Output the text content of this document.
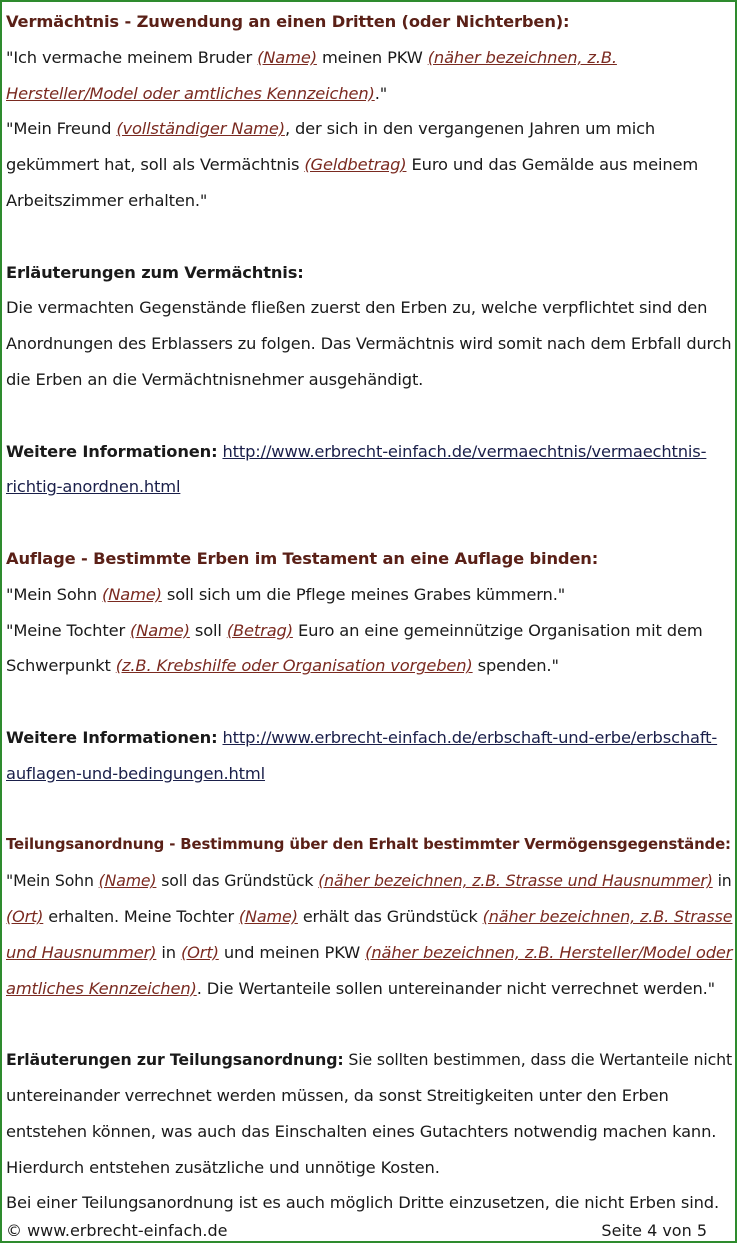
Vermächtnis - Zuwendung an einen Dritten (oder Nichterben):
"Ich vermache meinem Bruder (Name) meinen PKW (näher bezeichnen, z.B.
Hersteller/Model oder amtliches Kennzeichen)."
"Mein Freund (vollständiger Name), der sich in den vergangenen Jahren um mich
gekümmert hat, soll als Vermächtnis (Geldbetrag) Euro und das Gemälde aus meinem
Arbeitszimmer erhalten."
Erläuterungen zum Vermächtnis:
Die vermachten Gegenstände fließen zuerst den Erben zu, welche verpflichtet sind den
Anordnungen des Erblassers zu folgen. Das Vermächtnis wird somit nach dem Erbfall durch
die Erben an die Vermächtnisnehmer ausgehändigt.
Weitere Informationen: http://www.erbrecht-einfach.de/vermaechtnis/vermaechtnis-
richtig-anordnen.html
Auflage - Bestimmte Erben im Testament an eine Auflage binden:
"Mein Sohn (Name) soll sich um die Pflege meines Grabes kümmern."
"Meine Tochter (Name) soll (Betrag) Euro an eine gemeinnützige Organisation mit dem
Schwerpunkt (z.B. Krebshilfe oder Organisation vorgeben) spenden."
Weitere Informationen: http://www.erbrecht-einfach.de/erbschaft-und-erbe/erbschaft-
auflagen-und-bedingungen.html
Teilungsanordnung - Bestimmung über den Erhalt bestimmter Vermögensgegenstände:
"Mein Sohn (Name) soll das Gründstück (näher bezeichnen, z.B. Strasse und Hausnummer) in
(Ort) erhalten. Meine Tochter (Name) erhält das Gründstück (näher bezeichnen, z.B. Strasse
und Hausnummer) in (Ort) und meinen PKW (näher bezeichnen, z.B. Hersteller/Model oder
amtliches Kennzeichen). Die Wertanteile sollen untereinander nicht verrechnet werden."
Erläuterungen zur Teilungsanordnung: Sie sollten bestimmen, dass die Wertanteile nicht
untereinander verrechnet werden müssen, da sonst Streitigkeiten unter den Erben
entstehen können, was auch das Einschalten eines Gutachters notwendig machen kann.
Hierdurch entstehen zusätzliche und unnötige Kosten.
Bei einer Teilungsanordnung ist es auch möglich Dritte einzusetzen, die nicht Erben sind.
© www.erbrecht-einfach.de	Seite 4 von 5
